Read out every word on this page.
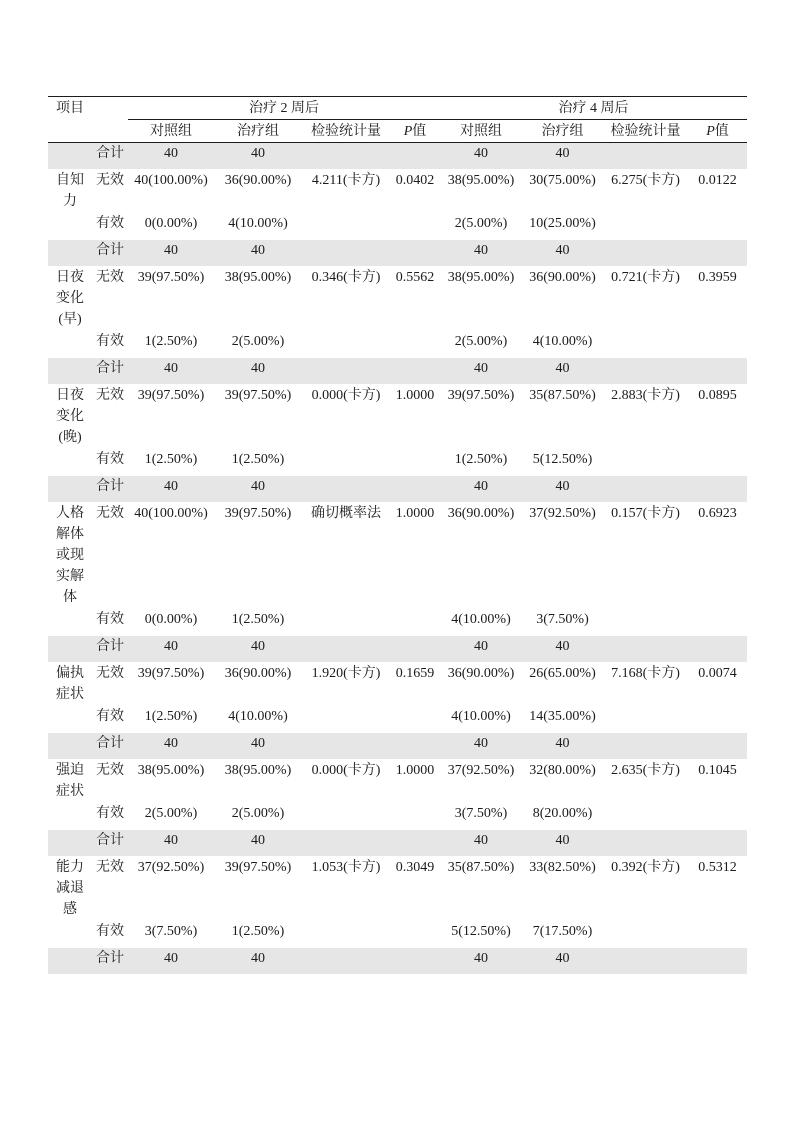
项目		治疗 2 周后				治疗 4 周后			
		对照组	治疗组	检验统计量	P值	对照组	治疗组	检验统计量	P值
	合计	40	40			40	40		

自知
力	无效	40(100.00%)	36(90.00%)	4.211(卡方)	0.0402	38(95.00%)	30(75.00%)	6.275(卡方)	0.0122
	有效	0(0.00%)	4(10.00%)			2(5.00%)	10(25.00%)		
	合计	40	40			40	40		

日夜
变化
(早)	无效	39(97.50%)	38(95.00%)	0.346(卡方)	0.5562	38(95.00%)	36(90.00%)	0.721(卡方)	0.3959
	有效	1(2.50%)	2(5.00%)			2(5.00%)	4(10.00%)		
	合计	40	40			40	40		

日夜
变化
(晚)	无效	39(97.50%)	39(97.50%)	0.000(卡方)	1.0000	39(97.50%)	35(87.50%)	2.883(卡方)	0.0895
	有效	1(2.50%)	1(2.50%)			1(2.50%)	5(12.50%)		
	合计	40	40			40	40		

人格
解体
或现
实解
体	无效	40(100.00%)	39(97.50%)	确切概率法	1.0000	36(90.00%)	37(92.50%)	0.157(卡方)	0.6923
	有效	0(0.00%)	1(2.50%)			4(10.00%)	3(7.50%)		
	合计	40	40			40	40		

偏执
症状	无效	39(97.50%)	36(90.00%)	1.920(卡方)	0.1659	36(90.00%)	26(65.00%)	7.168(卡方)	0.0074
	有效	1(2.50%)	4(10.00%)			4(10.00%)	14(35.00%)		
	合计	40	40			40	40		

强迫
症状	无效	38(95.00%)	38(95.00%)	0.000(卡方)	1.0000	37(92.50%)	32(80.00%)	2.635(卡方)	0.1045
	有效	2(5.00%)	2(5.00%)			3(7.50%)	8(20.00%)		
	合计	40	40			40	40		

能力
减退
感	无效	37(92.50%)	39(97.50%)	1.053(卡方)	0.3049	35(87.50%)	33(82.50%)	0.392(卡方)	0.5312
	有效	3(7.50%)	1(2.50%)			5(12.50%)	7(17.50%)		
	合计	40	40			40	40		
